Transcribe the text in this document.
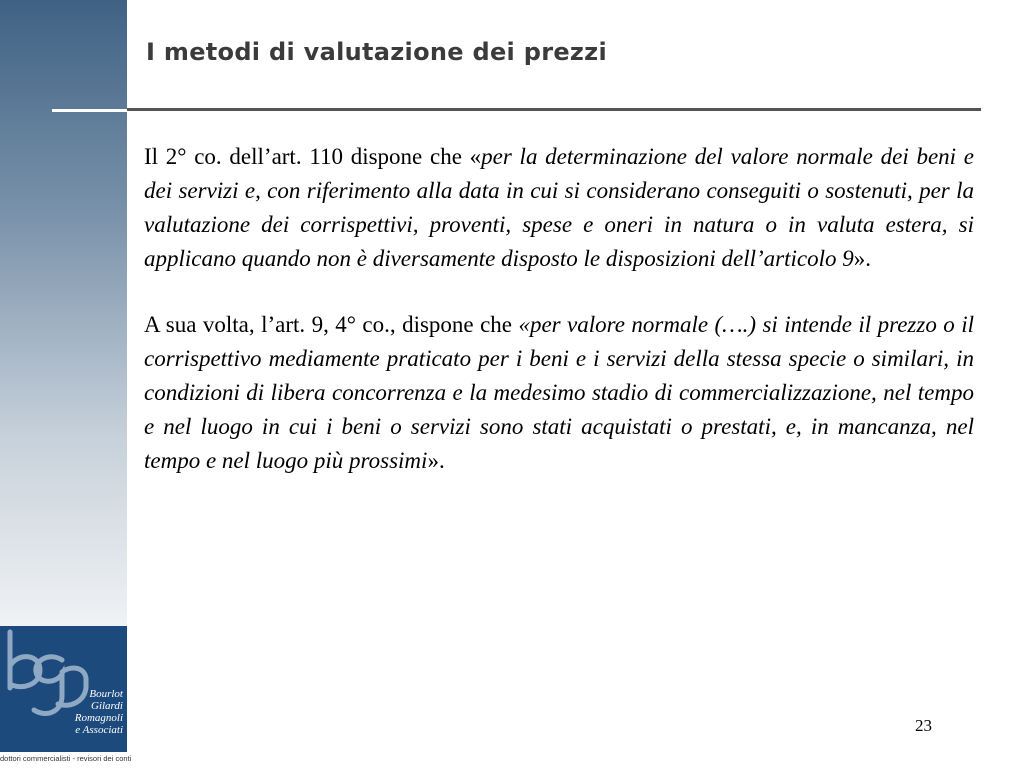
Bourlot
Gilardi
Romagnoli
e Associati
dottori commercialisti - revisori dei conti
I metodi di valutazione dei prezzi

Il 2° co. dell’art. 110 dispone che «per la determinazione del valore normale dei beni e dei servizi e, con riferimento alla data in cui si considerano conseguiti o sostenuti, per la valutazione dei corrispettivi, proventi, spese e oneri in natura o in valuta estera, si applicano quando non è diversamente disposto le disposizioni dell’articolo 9».

A sua volta, l’art. 9, 4° co., dispone che «per valore normale (….) si intende il prezzo o il corrispettivo mediamente praticato per i beni e i servizi della stessa specie o similari, in condizioni di libera concorrenza e la medesimo stadio di commercializzazione, nel tempo e nel luogo in cui i beni o servizi sono stati acquistati o prestati, e, in mancanza, nel tempo e nel luogo più prossimi».

23
